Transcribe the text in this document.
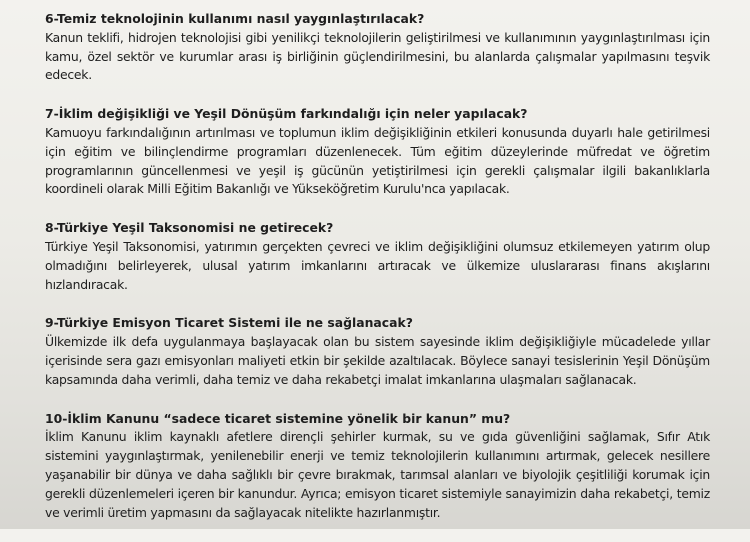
6-Temiz teknolojinin kullanımı nasıl yaygınlaştırılacak?

Kanun teklifi, hidrojen teknolojisi gibi yenilikçi teknolojilerin geliştirilmesi ve kullanımının yaygınlaştırılması için kamu, özel sektör ve kurumlar arası iş birliğinin güçlendirilmesini, bu alanlarda çalışmalar yapılmasını teşvik edecek.

7-İklim değişikliği ve Yeşil Dönüşüm farkındalığı için neler yapılacak?

Kamuoyu farkındalığının artırılması ve toplumun iklim değişikliğinin etkileri konusunda duyarlı hale getirilmesi için eğitim ve bilinçlendirme programları düzenlenecek. Tüm eğitim düzeylerinde müfredat ve öğretim programlarının güncellenmesi ve yeşil iş gücünün yetiştirilmesi için gerekli çalışmalar ilgili bakanlıklarla koordineli olarak Milli Eğitim Bakanlığı ve Yükseköğretim Kurulu'nca yapılacak.

8-Türkiye Yeşil Taksonomisi ne getirecek?

Türkiye Yeşil Taksonomisi, yatırımın gerçekten çevreci ve iklim değişikliğini olumsuz etkilemeyen yatırım olup olmadığını belirleyerek, ulusal yatırım imkanlarını artıracak ve ülkemize uluslararası finans akışlarını hızlandıracak.

9-Türkiye Emisyon Ticaret Sistemi ile ne sağlanacak?

Ülkemizde ilk defa uygulanmaya başlayacak olan bu sistem sayesinde iklim değişikliğiyle mücadelede yıllar içerisinde sera gazı emisyonları maliyeti etkin bir şekilde azaltılacak. Böylece sanayi tesislerinin Yeşil Dönüşüm kapsamında daha verimli, daha temiz ve daha rekabetçi imalat imkanlarına ulaşmaları sağlanacak.

10-İklim Kanunu “sadece ticaret sistemine yönelik bir kanun” mu?

İklim Kanunu iklim kaynaklı afetlere dirençli şehirler kurmak, su ve gıda güvenliğini sağlamak, Sıfır Atık sistemini yaygınlaştırmak, yenilenebilir enerji ve temiz teknolojilerin kullanımını artırmak, gelecek nesillere yaşanabilir bir dünya ve daha sağlıklı bir çevre bırakmak, tarımsal alanları ve biyolojik çeşitliliği korumak için gerekli düzenlemeleri içeren bir kanundur. Ayrıca; emisyon ticaret sistemiyle sanayimizin daha rekabetçi, temiz ve verimli üretim yapmasını da sağlayacak nitelikte hazırlanmıştır.
